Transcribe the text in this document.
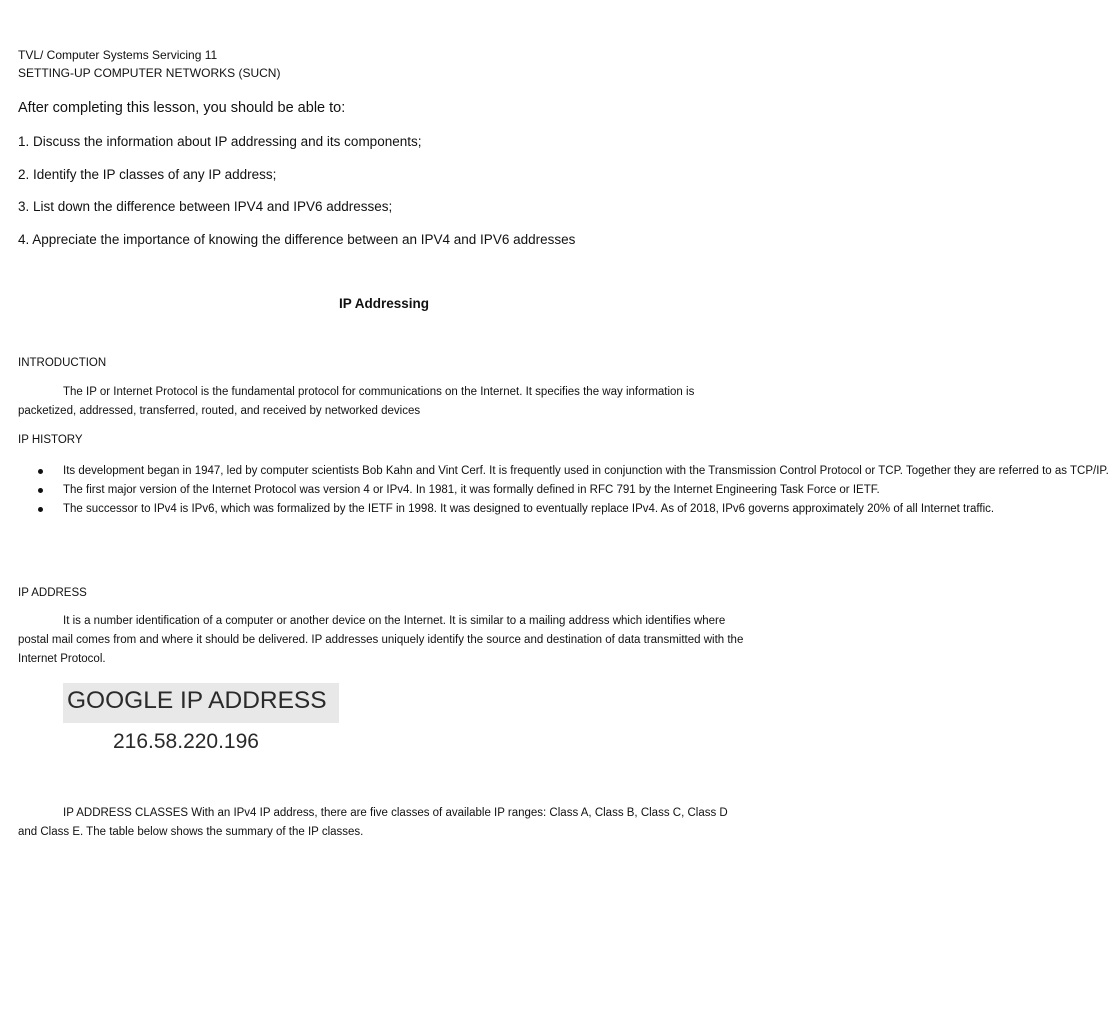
TVL/ Computer Systems Servicing 11
SETTING-UP COMPUTER NETWORKS (SUCN)
After completing this lesson, you should be able to:
1. Discuss the information about IP addressing and its components;
2. Identify the IP classes of any IP address;
3. List down the difference between IPV4 and IPV6 addresses;
4. Appreciate the importance of knowing the difference between an IPV4 and IPV6 addresses
IP Addressing
INTRODUCTION
The IP or Internet Protocol is the fundamental protocol for communications on the Internet. It specifies the way information is packetized, addressed, transferred, routed, and received by networked devices
IP HISTORY
Its development began in 1947, led by computer scientists Bob Kahn and Vint Cerf. It is frequently used in conjunction with the Transmission Control Protocol or TCP. Together they are referred to as TCP/IP.
The first major version of the Internet Protocol was version 4 or IPv4. In 1981, it was formally defined in RFC 791 by the Internet Engineering Task Force or IETF.
The successor to IPv4 is IPv6, which was formalized by the IETF in 1998. It was designed to eventually replace IPv4. As of 2018, IPv6 governs approximately 20% of all Internet traffic.
IP ADDRESS
It is a number identification of a computer or another device on the Internet. It is similar to a mailing address which identifies where postal mail comes from and where it should be delivered. IP addresses uniquely identify the source and destination of data transmitted with the Internet Protocol.
GOOGLE IP ADDRESS
216.58.220.196
IP ADDRESS CLASSES With an IPv4 IP address, there are five classes of available IP ranges: Class A, Class B, Class C, Class D and Class E. The table below shows the summary of the IP classes.
